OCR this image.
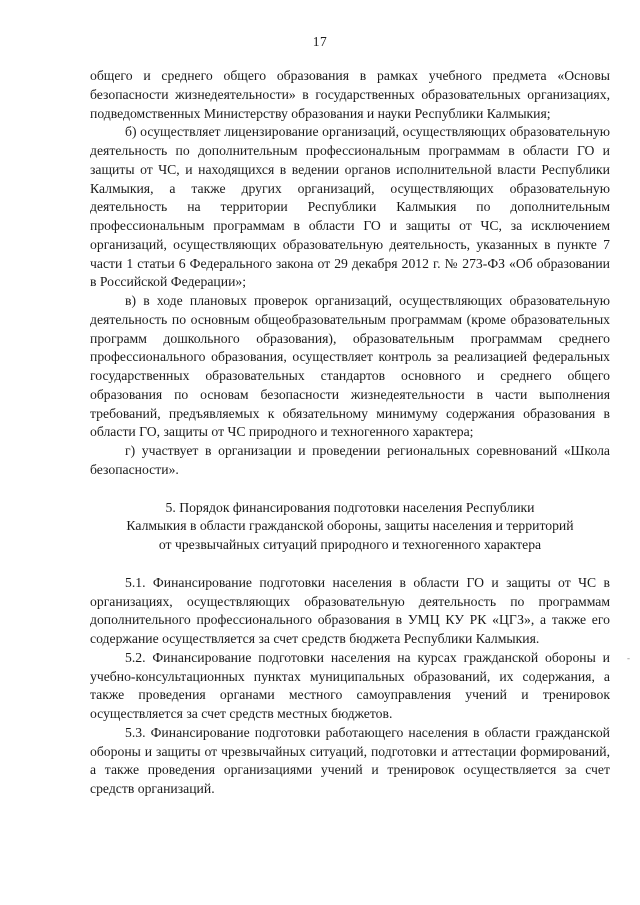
17

общего и среднего общего образования в рамках учебного предмета «Основы безопасности жизнедеятельности» в государственных образовательных организациях, подведомственных Министерству образования и науки Республики Калмыкия;

б) осуществляет лицензирование организаций, осуществляющих образовательную деятельность по дополнительным профессиональным программам в области ГО и защиты от ЧС, и находящихся в ведении органов исполнительной власти Республики Калмыкия, а также других организаций, осуществляющих образовательную деятельность на территории Республики Калмыкия по дополнительным профессиональным программам в области ГО и защиты от ЧС, за исключением организаций, осуществляющих образовательную деятельность, указанных в пункте 7 части 1 статьи 6 Федерального закона от 29 декабря 2012 г. № 273-ФЗ «Об образовании в Российской Федерации»;

в) в ходе плановых проверок организаций, осуществляющих образовательную деятельность по основным общеобразовательным программам (кроме образовательных программ дошкольного образования), образовательным программам среднего профессионального образования, осуществляет контроль за реализацией федеральных государственных образовательных стандартов основного и среднего общего образования по основам безопасности жизнедеятельности в части выполнения требований, предъявляемых к обязательному минимуму содержания образования в области ГО, защиты от ЧС природного и техногенного характера;

г) участвует в организации и проведении региональных соревнований «Школа безопасности».

5. Порядок финансирования подготовки населения Республики
Калмыкия в области гражданской обороны, защиты населения и территорий
от чрезвычайных ситуаций природного и техногенного характера

5.1. Финансирование подготовки населения в области ГО и защиты от ЧС в организациях, осуществляющих образовательную деятельность по программам дополнительного профессионального образования в УМЦ КУ РК «ЦГЗ», а также его содержание осуществляется за счет средств бюджета Республики Калмыкия.

5.2. Финансирование подготовки населения на курсах гражданской обороны и учебно-консультационных пунктах муниципальных образований, их содержания, а также проведения органами местного самоуправления учений и тренировок осуществляется за счет средств местных бюджетов.

5.3. Финансирование подготовки работающего населения в области гражданской обороны и защиты от чрезвычайных ситуаций, подготовки и аттестации формирований, а также проведения организациями учений и тренировок осуществляется за счет средств организаций.

-
